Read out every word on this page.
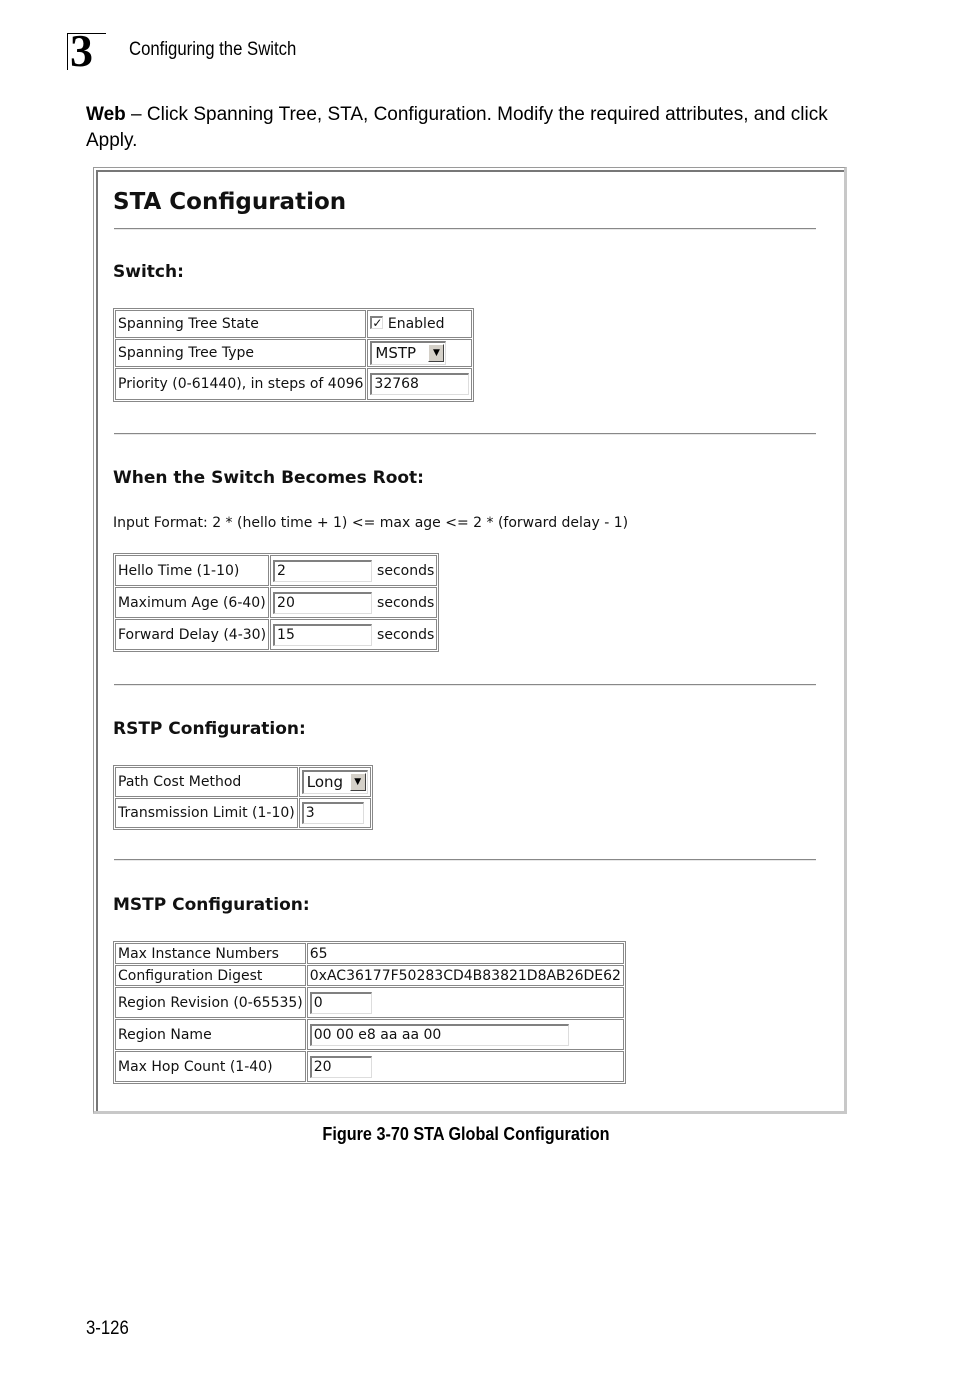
3 Configuring the Switch
Web – Click Spanning Tree, STA, Configuration. Modify the required attributes, and click Apply.
STA Configuration
Switch:
Spanning Tree State	✓ Enabled
Spanning Tree Type	MSTP ▼

Priority (0-61440), in steps of 4096	32768
When the Switch Becomes Root:
Input Format: 2 * (hello time + 1) <= max age <= 2 * (forward delay - 1)
Hello Time (1-10)	2 seconds
Maximum Age (6-40)	20 seconds
Forward Delay (4-30)	15 seconds
RSTP Configuration:
Path Cost Method	Long ▼

Transmission Limit (1-10)	3
MSTP Configuration:
Max Instance Numbers	65
Configuration Digest	0xAC36177F50283CD4B83821D8AB26DE62
Region Revision (0-65535)	0
Region Name	00 00 e8 aa aa 00
Max Hop Count (1-40)	20
Figure 3-70 STA Global Configuration
3-126
